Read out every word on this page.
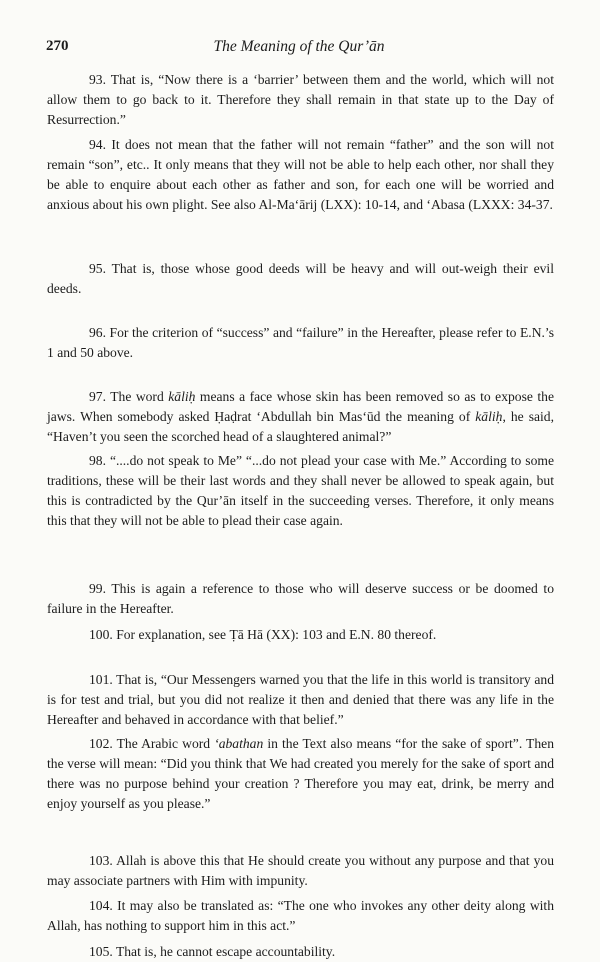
270	The Meaning of the Qur’ān

93. That is, “Now there is a ‘barrier’ between them and the world, which will not allow them to go back to it. Therefore they shall remain in that state up to the Day of Resurrection.”

94. It does not mean that the father will not remain “father” and the son will not remain “son”, etc.. It only means that they will not be able to help each other, nor shall they be able to enquire about each other as father and son, for each one will be worried and anxious about his own plight. See also Al-Ma‘ārij (LXX): 10-14, and ‘Abasa (LXXX: 34-37.

95. That is, those whose good deeds will be heavy and will out-weigh their evil deeds.

96. For the criterion of “success” and “failure” in the Hereafter, please refer to E.N.’s 1 and 50 above.

97. The word kāliḥ means a face whose skin has been removed so as to expose the jaws. When somebody asked Ḥaḍrat ‘Abdullah bin Mas‘ūd the meaning of kāliḥ, he said, “Haven’t you seen the scorched head of a slaughtered animal?”

98. “....do not speak to Me” “...do not plead your case with Me.” According to some traditions, these will be their last words and they shall never be allowed to speak again, but this is contradicted by the Qur’ān itself in the succeeding verses. Therefore, it only means this that they will not be able to plead their case again.

99. This is again a reference to those who will deserve success or be doomed to failure in the Hereafter.

100. For explanation, see Ṭā Hā (XX): 103 and E.N. 80 thereof.

101. That is, “Our Messengers warned you that the life in this world is transitory and is for test and trial, but you did not realize it then and denied that there was any life in the Hereafter and behaved in accordance with that belief.”

102. The Arabic word ‘abathan in the Text also means “for the sake of sport”. Then the verse will mean: “Did you think that We had created you merely for the sake of sport and there was no purpose behind your creation ? Therefore you may eat, drink, be merry and enjoy yourself as you please.”

103. Allah is above this that He should create you without any purpose and that you may associate partners with Him with impunity.

104. It may also be translated as: “The one who invokes any other deity along with Allah, has nothing to support him in this act.”

105. That is, he cannot escape accountability.
